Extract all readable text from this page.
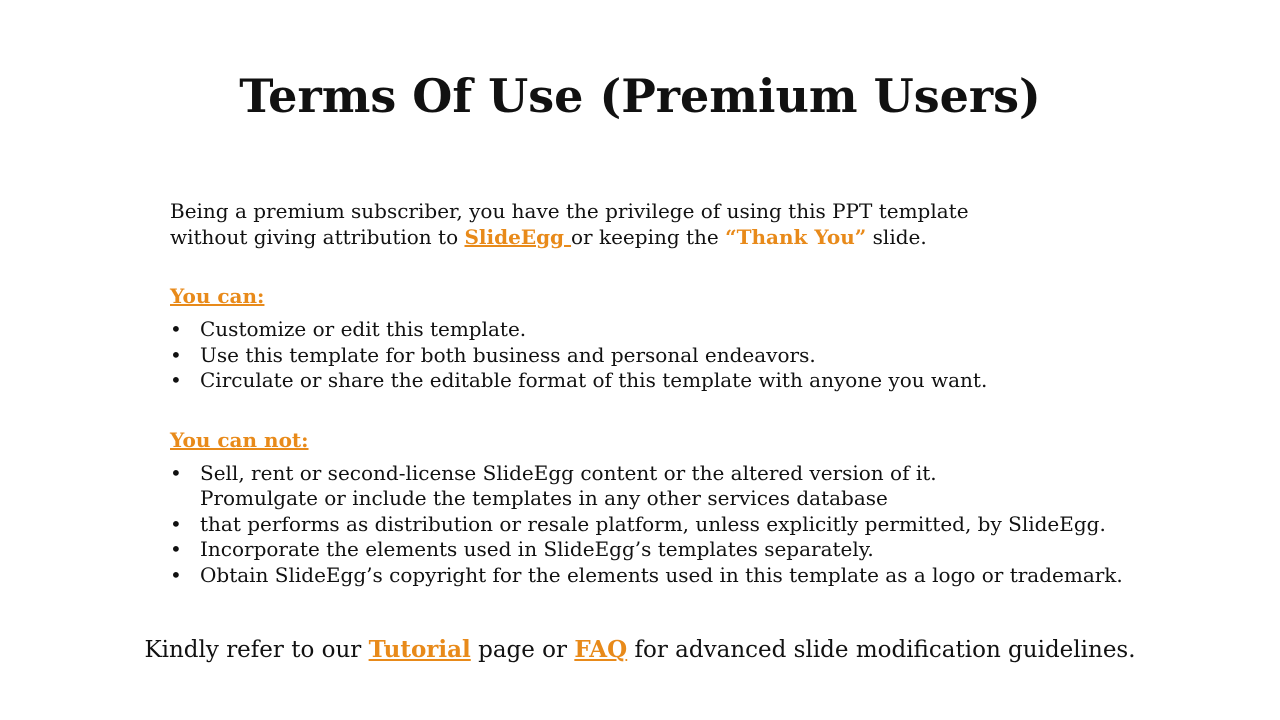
Terms Of Use (Premium Users)

Being a premium subscriber, you have the privilege of using this PPT template

without giving attribution to SlideEgg or keeping the “Thank You” slide.

You can:

• Customize or edit this template.
• Use this template for both business and personal endeavors.
• Circulate or share the editable format of this template with anyone you want.

You can not:

• Sell, rent or second-license SlideEgg content or the altered version of it.
Promulgate or include the templates in any other services database
• that performs as distribution or resale platform, unless explicitly permitted, by SlideEgg.
• Incorporate the elements used in SlideEgg’s templates separately.
• Obtain SlideEgg’s copyright for the elements used in this template as a logo or trademark.
Kindly refer to our Tutorial page or FAQ for advanced slide modification guidelines.
